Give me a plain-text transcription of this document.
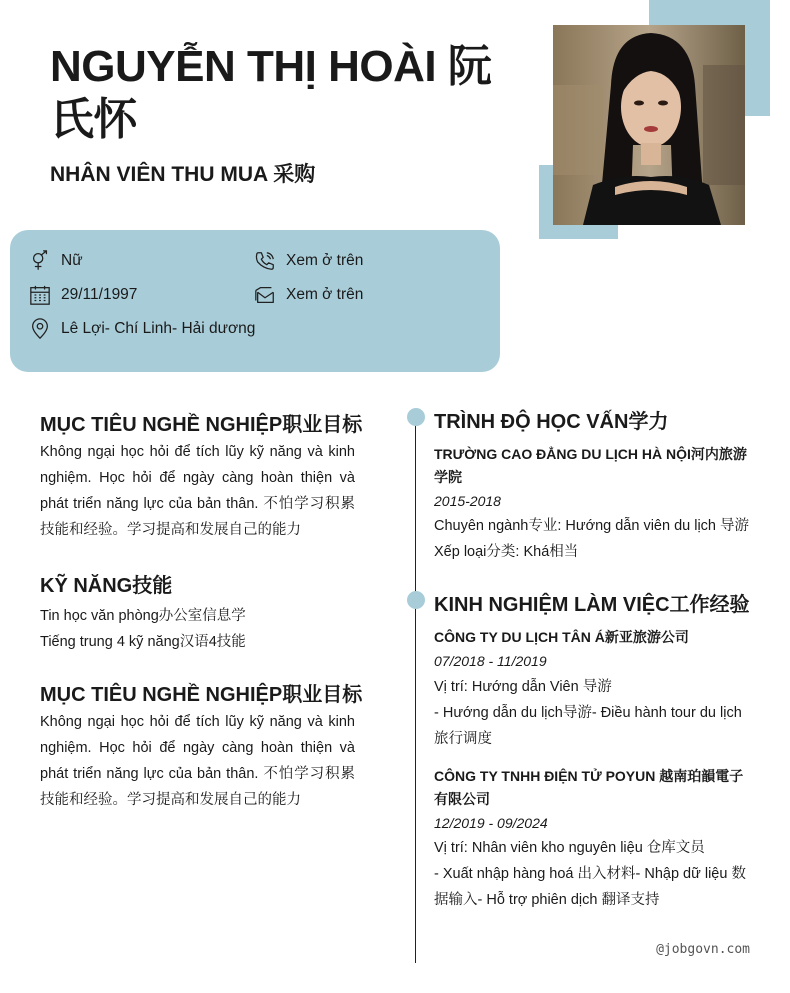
NGUYỄN THỊ HOÀI 阮氏怀
NHÂN VIÊN THU MUA 采购
Nữ	Xem ở trên
29/11/1997	Xem ở trên
Lê Lợi- Chí Linh- Hải dương
MỤC TIÊU NGHỀ NGHIỆP职业目标
Không ngại học hỏi để tích lũy kỹ năng và kinh nghiệm. Học hỏi để ngày càng hoàn thiện và phát triển năng lực của bản thân. 不怕学习积累技能和经验。学习提高和发展自己的能力
KỸ NĂNG技能
Tin học văn phòng办公室信息学
Tiếng trung 4 kỹ năng汉语4技能
MỤC TIÊU NGHỀ NGHIỆP职业目标
Không ngại học hỏi để tích lũy kỹ năng và kinh nghiệm. Học hỏi để ngày càng hoàn thiện và phát triển năng lực của bản thân. 不怕学习积累技能和经验。学习提高和发展自己的能力
TRÌNH ĐỘ HỌC VẤN学力
TRƯỜNG CAO ĐẲNG DU LỊCH HÀ NỘI河内旅游学院
2015-2018
Chuyên ngành专业: Hướng dẫn viên du lịch 导游
Xếp loại分类: Khá相当
KINH NGHIỆM LÀM VIỆC工作经验
CÔNG TY DU LỊCH TÂN Á新亚旅游公司
07/2018 - 11/2019
Vị trí: Hướng dẫn Viên 导游
- Hướng dẫn du lịch导游- Điều hành tour du lịch旅行调度
CÔNG TY TNHH ĐIỆN TỬ POYUN 越南珀韻電子有限公司
12/2019 - 09/2024
Vị trí: Nhân viên kho nguyên liệu 仓库文员
- Xuất nhập hàng hoá 出入材料- Nhập dữ liệu 数据输入- Hỗ trợ phiên dịch 翻译支持
@jobgovn.com
